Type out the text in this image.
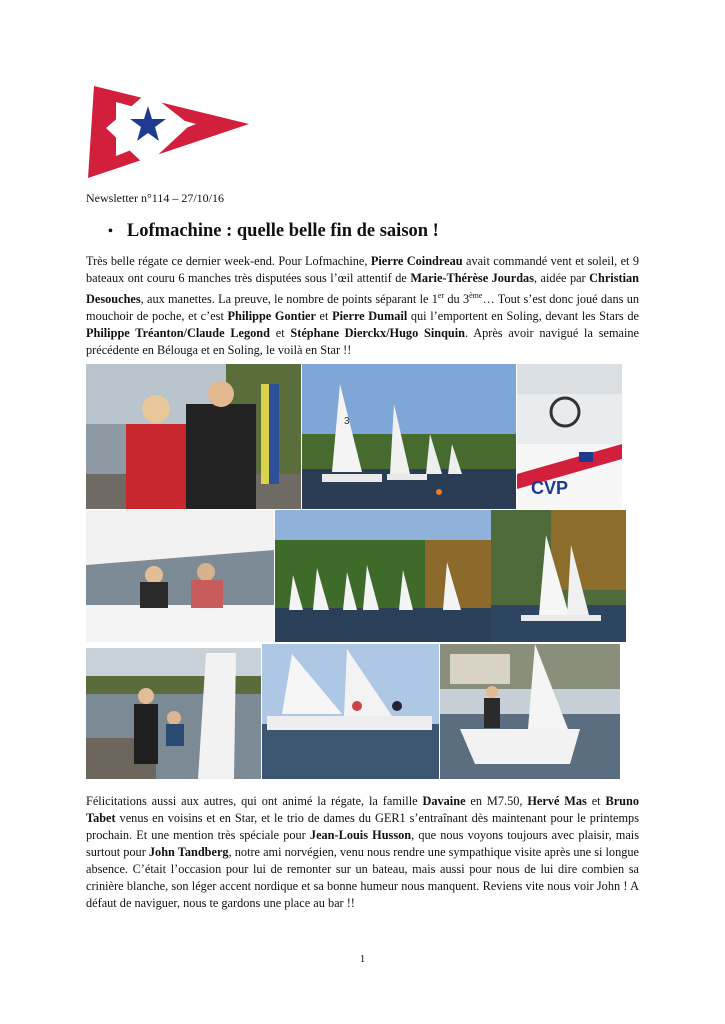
Newsletter n°114 – 27/10/16
• Lofmachine : quelle belle fin de saison !
Très belle régate ce dernier week-end. Pour Lofmachine, Pierre Coindreau avait commandé vent et soleil, et 9 bateaux ont couru 6 manches très disputées sous l’œil attentif de Marie-Thérèse Jourdas, aidée par Christian Desouches, aux manettes. La preuve, le nombre de points séparant le 1er du 3ème… Tout s’est donc joué dans un mouchoir de poche, et c’est Philippe Gontier et Pierre Dumail qui l’emportent en Soling, devant les Stars de Philippe Tréanton/Claude Legond et Stéphane Dierckx/Hugo Sinquin. Après avoir navigué la semaine précédente en Bélouga et en Soling, le voilà en Star !!
3
CVP
Félicitations aussi aux autres, qui ont animé la régate, la famille Davaine en M7.50, Hervé Mas et Bruno Tabet venus en voisins et en Star, et le trio de dames du GER1 s’entraînant dès maintenant pour le printemps prochain. Et une mention très spéciale pour Jean-Louis Husson, que nous voyons toujours avec plaisir, mais surtout pour John Tandberg, notre ami norvégien, venu nous rendre une sympathique visite après une si longue absence. C’était l’occasion pour lui de remonter sur un bateau, mais aussi pour nous de lui dire combien sa crinière blanche, son léger accent nordique et sa bonne humeur nous manquent. Reviens vite nous voir John ! A défaut de naviguer, nous te gardons une place au bar !!
1
